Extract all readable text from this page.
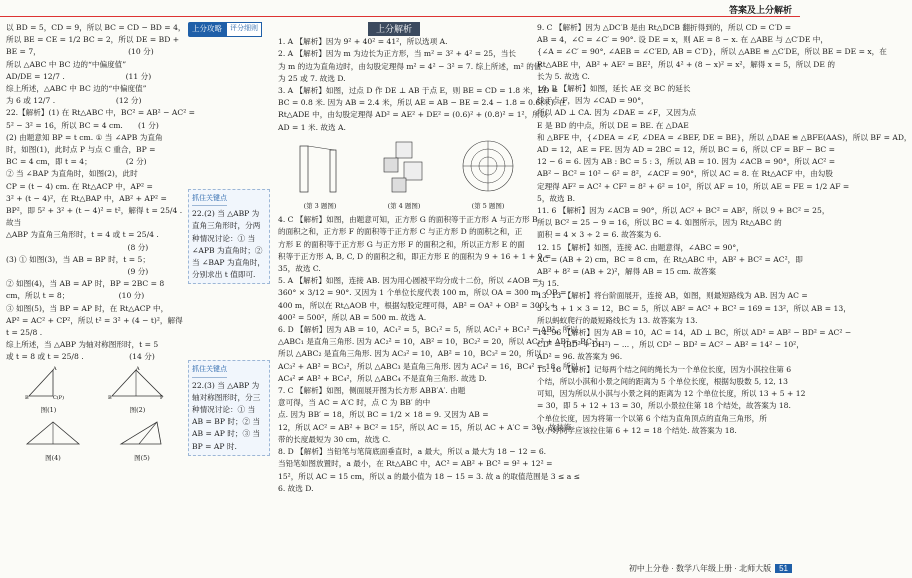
答案及上分解析
以 BD = 5，CD = 9，所以 BC = CD − BD = 4，
所以 BE = CE = 1/2 BC = 2，所以 DE = BD +
BE = 7，　　　　　　　　　　　　(10 分)
所以 △ABC 中 BC 边的“中偏度值”
AD/DE = 12/7 .　　　　　　　　(11 分)
综上所述，△ABC 中 BC 边的“中偏度值”
为 6 或 12/7 .　　　　　　　　(12 分)
22.【解析】(1) 在 Rt△ABC 中，BC² = AB² − AC² =
5² − 3² = 16，所以 BC = 4 cm.　　(1 分)
(2) 由题意知 BP = t cm. ① 当 ∠APB 为直角
时，如图(1)，此时点 P 与点 C 重合，BP =
BC = 4 cm，即 t = 4；　　　　　(2 分)
② 当 ∠BAP 为直角时，如图(2)，此时
CP = (t − 4) cm. 在 Rt△ACP 中，AP² =
3² + (t − 4)²，在 Rt△BAP 中，AB² + AP² =
BP²，即 5² + 3² + (t − 4)² = t²，解得 t = 25/4 .
故当
△ABP 为直角三角形时，t = 4 或 t = 25/4 .
　　　　　　　　　　　　　　　　(8 分)
(3) ① 如图(3)，当 AB = BP 时，t = 5；
　　　　　　　　　　　　　　　　(9 分)
② 如图(4)，当 AB = AP 时，BP = 2BC = 8
cm，所以 t = 8；　　　　　　　(10 分)
③ 如图(5)，当 BP = AP 时，在 Rt△ACP 中，
AP² = AC² + CP²，所以 t² = 3² + (4 − t)²，解得
t = 25/8 .
综上所述，当 △ABP 为轴对称图形时，t = 5
或 t = 8 或 t = 25/8 .　　　　　　(14 分)
B	C(P)
A
图(1)
B	P
A
图(2)
图(4)	图(5)
上分攻略	评分细则
抓住关键点
22.(2) 当 △ABP 为直角三角形时，分两种情况讨论：① 当 ∠APB 为直角时；② 当 ∠BAP 为直角时，分别求出 t 值即可.
抓住关键点
22.(3) 当 △ABP 为轴对称图形时，分三种情况讨论：① 当 AB = BP 时；② 当 AB = AP 时；③ 当 BP = AP 时.
上分解析
1. A 【解析】因为 9² + 40² = 41²，所以选项 A.
2. A 【解析】因为 m 为边长为正方形，当 m² = 3² + 4² = 25，当长
为 m 的边为直角边时，由勾股定理得 m² = 4² − 3² = 7. 综上所述，m² 的值
为 25 或 7. 故选 D.
3. A 【解析】如图，过点 D 作 DE ⊥ AB 于点 E，则 BE = CD = 1.8 米，ED =
BC = 0.8 米. 因为 AB = 2.4 米，所以 AE = AB − BE = 2.4 − 1.8 = 0.6(米). 在
Rt△ADE 中，由勾股定理得 AD² = AE² + DE² = (0.6)² + (0.8)² = 1²，所以
AD = 1 米. 故选 A.
(第 3 题图)	(第 4 题图)	(第 5 题图)
4. C 【解析】如图，由题意可知，正方形 G 的面积等于正方形 A 与正方形 B
的面积之和，正方形 F 的面积等于正方形 C 与正方形 D 的面积之和，正
方形 E 的面积等于正方形 G 与正方形 F 的面积之和，所以正方形 E 的面
积等于正方形 A, B, C, D 的面积之和，即正方形 E 的面积为 9 + 16 + 1 + 9 =
35，故选 C.
5. A 【解析】如图，连接 AB. 因为用心圆被平均分成十二份，所以 ∠AOB =
360° × 3/12 = 90°. 又因为 1 个单位长度代表 100 m，所以 OA = 300 m，OB =
400 m，所以在 Rt△AOB 中，根据勾股定理可得，AB² = OA² + OB² = 300² +
400² = 500²，所以 AB = 500 m. 故选 A.
6. D 【解析】因为 AB = 10，AC₁² = 5，BC₁² = 5，所以 AC₁² + BC₁² = AB²，所以
△ABC₁ 是直角三角形. 因为 AC₂² = 10，AB² = 10，BC₂² = 20，所以 AC₂² + AB² = BC₂²，
所以 △ABC₂ 是直角三角形. 因为 AC₃² = 10，AB² = 10，BC₃² = 20，所以
AC₃² + AB² = BC₃²，所以 △ABC₃ 是直角三角形. 因为 AC₄² = 16，BC₄² = 18，所以
AC₄² ≠ AB² + BC₄²，所以 △ABC₄ 不是直角三角形. 故选 D.
7. C 【解析】如图，侧面展开图为长方形 ABB′A′. 由题
意可得，当 AC = A′C 时，点 C 为 BB′ 的中
点. 因为 BB′ = 18，所以 BC = 1/2 × 18 = 9. 又因为 AB =
12，所以 AC² = AB² + BC² = 15²，所以 AC = 15，所以 AC + A′C = 30，故装饰
带的长度最短为 30 cm，故选 C.
8. D 【解析】当铅笔与笔筒底面垂直时，a 最大，所以 a 最大为 18 − 12 = 6.
当铅笔如图放置时，a 最小，在 Rt△ABC 中，AC² = AB² + BC² = 9² + 12² =
15²，所以 AC = 15 cm，所以 a 的最小值为 18 − 15 = 3. 故 a 的取值范围是 3 ≤ a ≤
6. 故选 D.
9. C 【解析】因为 △DC′B 是由 Rt△DCB 翻折得到的，所以 CD = C′D =
AB = 4，∠C = ∠C′ = 90°. 设 DE = x，则 AE = 8 − x. 在 △ABE 与 △C′DE 中，
{∠A = ∠C′ = 90°, ∠AEB = ∠C′ED, AB = C′D}，所以 △ABE ≌ △C′DE，所以 BE = DE = x，在
Rt△ABE 中，AB² + AE² = BE²，所以 4² + (8 − x)² = x²，解得 x = 5，所以 DE 的
长为 5. 故选 C.
10. B 【解析】如图，延长 AE 交 BC 的延长
线于点 F，因为 ∠CAD = 90°，
所以 AD ⊥ CA. 因为 ∠DAE = ∠F，又因为点
E 是 BD 的中点，所以 DE = BE. 在 △DAE
和 △BFE 中，{∠DEA = ∠F, ∠DEA = ∠BEF, DE = BE}，所以 △DAE ≌ △BFE(AAS)，所以 BF = AD，
AD = 12，AE = FE. 因为 AD = 2BC = 12，所以 BC = 6，所以 CF = BF − BC =
12 − 6 = 6. 因为 AB : BC = 5 : 3，所以 AB = 10. 因为 ∠ACB = 90°，所以 AC² =
AB² − BC² = 10² − 6² = 8²，∠ACF = 90°，所以 AC = 8. 在 Rt△ACF 中，由勾股
定理得 AF² = AC² + CF² = 8² + 6² = 10²，所以 AF = 10，所以 AE = FE = 1/2 AF =
5，故选 B.
11. 6 【解析】因为 ∠ACB = 90°，所以 AC² + BC² = AB²，所以 9 + BC² = 25，
所以 BC² = 25 − 9 = 16，所以 BC = 4. 如图所示，因为 Rt△ABC 的
面积 = 4 × 3 ÷ 2 = 6. 故答案为 6.
12. 15 【解析】如图，连接 AC. 由题意得，∠ABC = 90°，
AC = (AB + 2) cm，BC = 8 cm，在 Rt△ABC 中，AB² + BC² = AC²，即
AB² + 8² = (AB + 2)²，解得 AB = 15 cm. 故答案
为 15.
13. 13 【解析】将台阶面展开，连接 AB，如图，则最短路线为 AB. 因为 AC =
3 × 3 + 1 × 3 = 12，BC = 5，所以 AB² = AC² + BC² = 169 = 13²，所以 AB = 13，
所以蚂蚁爬行的最短路线长为 13. 故答案为 13.
14. 96 【解析】因为 AB = 10，AC = 14，AD ⊥ BC，所以 AD² = AB² − BD² = AC² −
CD² = (BD² + DH²) − ... ，所以 CD² − BD² = AC² − AB² = 14² − 10²，
AD² = 96. 故答案为 96.
15. 18 【解析】记每两个结之间的绳长为一个单位长度，因为小淇拉住第 6
个结，所以小淇和小景之间的距离为 5 个单位长度，根据勾股数 5, 12, 13
可知，因为所以从小淇与小景之间的距离为 12 个单位长度，所以 13 + 5 + 12
= 30，即 5 + 12 + 13 = 30，所以小景拉住第 18 个结处，故答案为 18.
个单位长度，因为将第一个以第 6 个结为直角顶点的直角三角形，所
以小婷同学应该拉住第 6 + 12 = 18 个结处. 故答案为 18.
初中上分卷 · 数学八年级上册 · 北师大版 51
